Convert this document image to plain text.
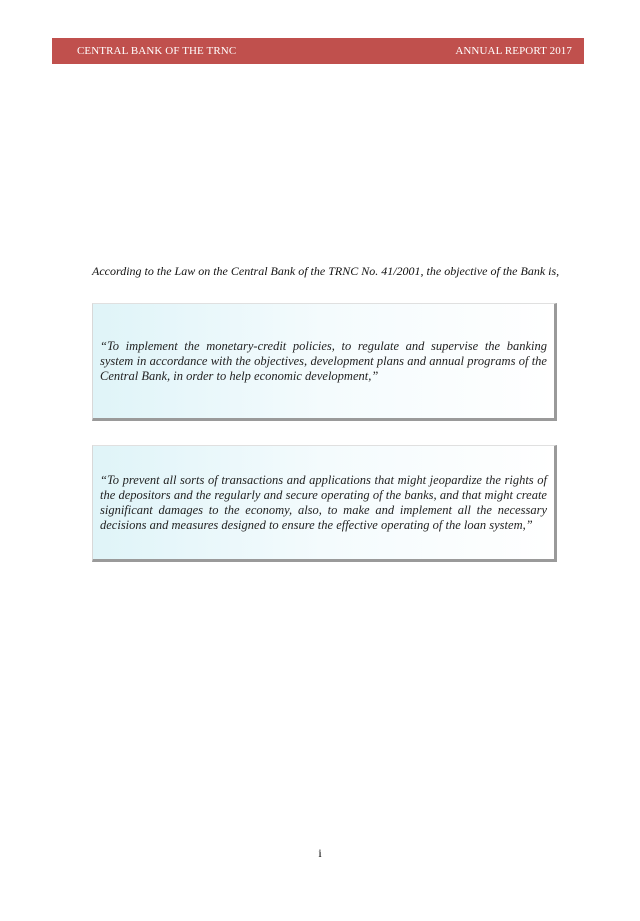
CENTRAL BANK OF THE TRNC	ANNUAL REPORT 2017
According to the Law on the Central Bank of the TRNC No. 41/2001, the objective of the Bank is,

“To implement the monetary-credit policies, to regulate and supervise the banking system in accordance with the objectives, development plans and annual programs of the Central Bank, in order to help economic development,”

“To prevent all sorts of transactions and applications that might jeopardize the rights of the depositors and the regularly and secure operating of the banks, and that might create significant damages to the economy, also, to make and implement all the necessary decisions and measures designed to ensure the effective operating of the loan system,”

i
